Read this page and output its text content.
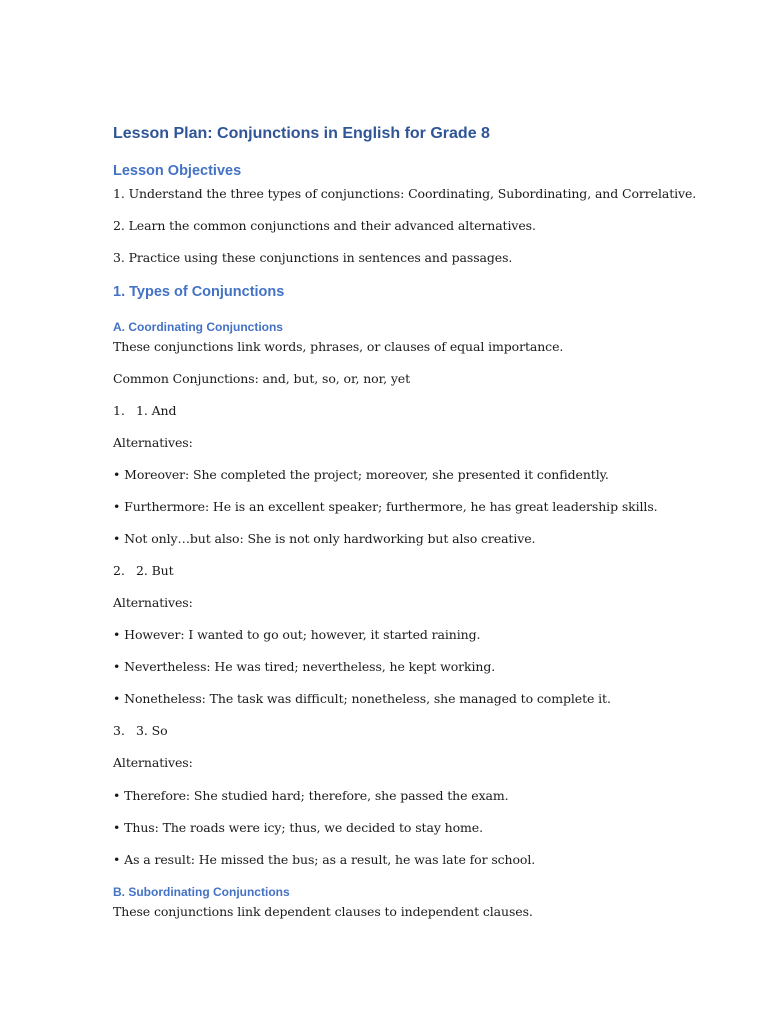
Lesson Plan: Conjunctions in English for Grade 8
Lesson Objectives
1. Understand the three types of conjunctions: Coordinating, Subordinating, and Correlative.
2. Learn the common conjunctions and their advanced alternatives.
3. Practice using these conjunctions in sentences and passages.
1. Types of Conjunctions
A. Coordinating Conjunctions
These conjunctions link words, phrases, or clauses of equal importance.
Common Conjunctions: and, but, so, or, nor, yet
1. 1. And
Alternatives:
• Moreover: She completed the project; moreover, she presented it confidently.
• Furthermore: He is an excellent speaker; furthermore, he has great leadership skills.
• Not only…but also: She is not only hardworking but also creative.
2. 2. But
Alternatives:
• However: I wanted to go out; however, it started raining.
• Nevertheless: He was tired; nevertheless, he kept working.
• Nonetheless: The task was difficult; nonetheless, she managed to complete it.
3. 3. So
Alternatives:
• Therefore: She studied hard; therefore, she passed the exam.
• Thus: The roads were icy; thus, we decided to stay home.
• As a result: He missed the bus; as a result, he was late for school.
B. Subordinating Conjunctions
These conjunctions link dependent clauses to independent clauses.
